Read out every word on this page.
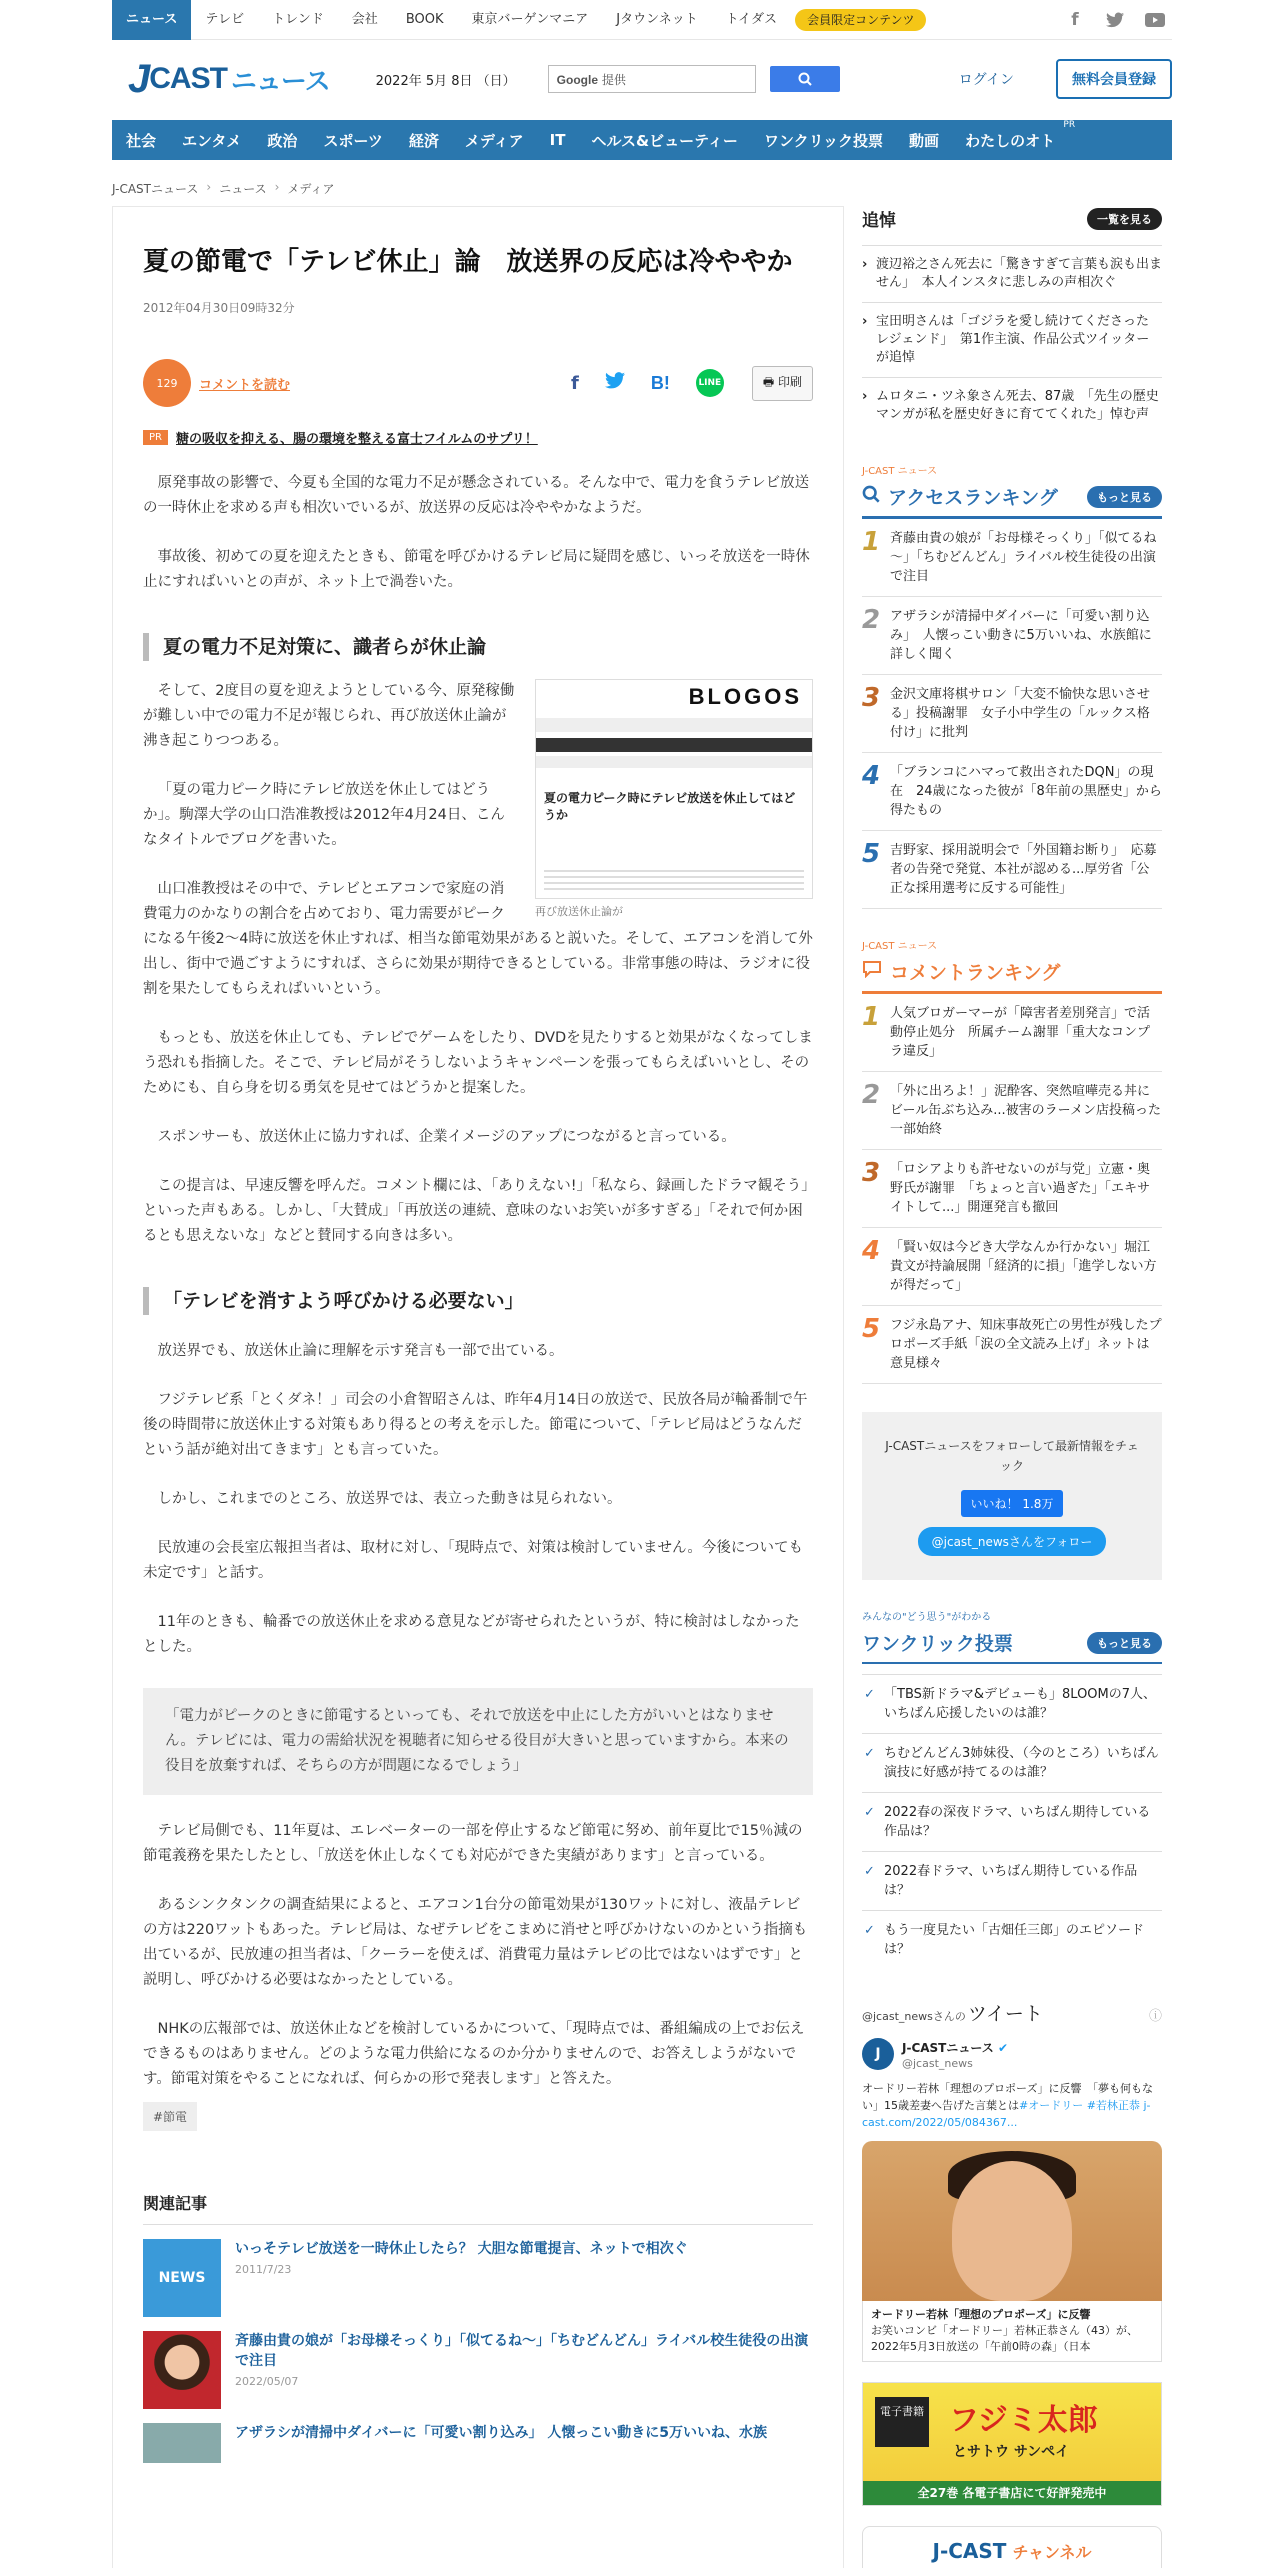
ニュース	テレビ	トレンド	会社	BOOK	東京バーゲンマニア	Jタウンネット	トイダス	会員限定コンテンツ	f
J CAST ニュース	2022年 5月 8日 （日）	Google 提供	ログイン	無料会員登録
社会 エンタメ 政治 スポーツ 経済 メディア IT ヘルス&ビューティー ワンクリック投票 動画 わたしのオト
PR
J-CASTニュース › ニュース › メディア
夏の節電で「テレビ休止」論　放送界の反応は冷ややか
2012年04月30日09時32分
129	コメントを読む	f	B!	LINE	🖶 印刷
PR	糖の吸収を抑える、腸の環境を整える富士フイルムのサプリ！

原発事故の影響で、今夏も全国的な電力不足が懸念されている。そんな中で、電力を食うテレビ放送の一時休止を求める声も相次いでいるが、放送界の反応は冷ややかなようだ。

事故後、初めての夏を迎えたときも、節電を呼びかけるテレビ局に疑問を感じ、いっそ放送を一時休止にすればいいとの声が、ネット上で渦巻いた。

夏の電力不足対策に、識者らが休止論
BLOGOS
夏の電力ピーク時にテレビ放送を休止してはどうか
再び放送休止論が

そして、2度目の夏を迎えようとしている今、原発稼働が難しい中での電力不足が報じられ、再び放送休止論が沸き起こりつつある。

「夏の電力ピーク時にテレビ放送を休止してはどうか」。駒澤大学の山口浩准教授は2012年4月24日、こんなタイトルでブログを書いた。

山口准教授はその中で、テレビとエアコンで家庭の消費電力のかなりの割合を占めており、電力需要がピークになる午後2～4時に放送を休止すれば、相当な節電効果があると説いた。そして、エアコンを消して外出し、街中で過ごすようにすれば、さらに効果が期待できるとしている。非常事態の時は、ラジオに役割を果たしてもらえればいいという。

もっとも、放送を休止しても、テレビでゲームをしたり、DVDを見たりすると効果がなくなってしまう恐れも指摘した。そこで、テレビ局がそうしないようキャンペーンを張ってもらえばいいとし、そのためにも、自ら身を切る勇気を見せてはどうかと提案した。

スポンサーも、放送休止に協力すれば、企業イメージのアップにつながると言っている。

この提言は、早速反響を呼んだ。コメント欄には、「ありえない!」「私なら、録画したドラマ観そう」といった声もある。しかし、「大賛成」「再放送の連続、意味のないお笑いが多すぎる」「それで何か困るとも思えないな」などと賛同する向きは多い。

「テレビを消すよう呼びかける必要ない」

放送界でも、放送休止論に理解を示す発言も一部で出ている。

フジテレビ系「とくダネ！」司会の小倉智昭さんは、昨年4月14日の放送で、民放各局が輪番制で午後の時間帯に放送休止する対策もあり得るとの考えを示した。節電について、「テレビ局はどうなんだという話が絶対出てきます」とも言っていた。

しかし、これまでのところ、放送界では、表立った動きは見られない。

民放連の会長室広報担当者は、取材に対し、「現時点で、対策は検討していません。今後についても未定です」と話す。

11年のときも、輪番での放送休止を求める意見などが寄せられたというが、特に検討はしなかったとした。

「電力がピークのときに節電するといっても、それで放送を中止にした方がいいとはなりません。テレビには、電力の需給状況を視聴者に知らせる役目が大きいと思っていますから。本来の役目を放棄すれば、そちらの方が問題になるでしょう」

テレビ局側でも、11年夏は、エレベーターの一部を停止するなど節電に努め、前年夏比で15％減の節電義務を果たしたとし、「放送を休止しなくても対応ができた実績があります」と言っている。

あるシンクタンクの調査結果によると、エアコン1台分の節電効果が130ワットに対し、液晶テレビの方は220ワットもあった。テレビ局は、なぜテレビをこまめに消せと呼びかけないのかという指摘も出ているが、民放連の担当者は、「クーラーを使えば、消費電力量はテレビの比ではないはずです」と説明し、呼びかける必要はなかったとしている。

NHKの広報部では、放送休止などを検討しているかについて、「現時点では、番組編成の上でお伝えできるものはありません。どのような電力供給になるのか分かりませんので、お答えしようがないです。節電対策をやることになれば、何らかの形で発表します」と答えた。

#節電
関連記事
NEWS
いっそテレビ放送を一時休止したら？ 大胆な節電提言、ネットで相次ぐ
2011/7/23
斉藤由貴の娘が「お母様そっくり」「似てるね～」「ちむどんどん」ライバル校生徒役の出演で注目
2022/05/07
アザラシが清掃中ダイバーに「可愛い割り込み」 人懐っこい動きに5万いいね、水族
追悼	一覧を見る
› 渡辺裕之さん死去に「驚きすぎて言葉も涙も出ません」　本人インスタに悲しみの声相次ぐ
› 宝田明さんは「ゴジラを愛し続けてくださったレジェンド」　第1作主演、作品公式ツイッターが追悼
› ムロタニ・ツネ象さん死去、87歳　「先生の歴史マンガが私を歴史好きに育ててくれた」悼む声
J-CAST ニュース
アクセスランキング	もっと見る
1 斉藤由貴の娘が「お母様そっくり」「似てるね～」「ちむどんどん」ライバル校生徒役の出演で注目
2 アザラシが清掃中ダイバーに「可愛い割り込み」　人懐っこい動きに5万いいね、水族館に詳しく聞く
3 金沢文庫将棋サロン「大変不愉快な思いさせる」投稿謝罪　女子小中学生の「ルックス格付け」に批判
4 「ブランコにハマって救出されたDQN」の現在　24歳になった彼が「8年前の黒歴史」から得たもの
5 吉野家、採用説明会で「外国籍お断り」　応募者の告発で発覚、本社が認める...厚労省「公正な採用選考に反する可能性」
J-CAST ニュース
コメントランキング
1 人気ブロガーマーが「障害者差別発言」で活動停止処分　所属チーム謝罪「重大なコンプラ違反」
2 「外に出ろよ！」泥酔客、突然喧嘩売る丼にビール缶ぶち込み...被害のラーメン店投稿った一部始終
3 「ロシアよりも許せないのが与党」立憲・奥野氏が謝罪　「ちょっと言い過ぎた」「エキサイトして...」開運発言も撤回
4 「賢い奴は今どき大学なんか行かない」堀江貴文が持論展開「経済的に損」「進学しない方が得だって」
5 フジ永島アナ、知床事故死亡の男性が残したプロポーズ手紙「涙の全文読み上げ」ネットは意見様々
J-CASTニュースをフォローして最新情報をチェック
いいね！ 1.8万
@jcast_newsさんをフォロー
みんなの"どう思う"がわかる
ワンクリック投票	もっと見る
✓ 「TBS新ドラマ&デビューも」8LOOMの7人、いちばん応援したいのは誰？
✓ ちむどんどん3姉妹役、（今のところ）いちばん演技に好感が持てるのは誰？
✓ 2022春の深夜ドラマ、いちばん期待している作品は？
✓ 2022春ドラマ、いちばん期待している作品は？
✓ もう一度見たい「古畑任三郎」のエピソードは？
@jcast_newsさんの ツイート	ⓘ
J	J-CASTニュース ✔
@jcast_news
オードリー若林「理想のプロポーズ」に反響　「夢も何もない」15歳差妻へ告げた言葉とは#オードリー #若林正恭 j-cast.com/2022/05/084367...
オードリー若林「理想のプロポーズ」に反響
お笑いコンビ「オードリー」若林正恭さん（43）が、2022年5月3日放送の「午前0時の森」（日本
電子書籍 フジミ太郎
とサトウ サンペイ
全27巻 各電子書店にて好評発売中
J-CAST チャンネル
